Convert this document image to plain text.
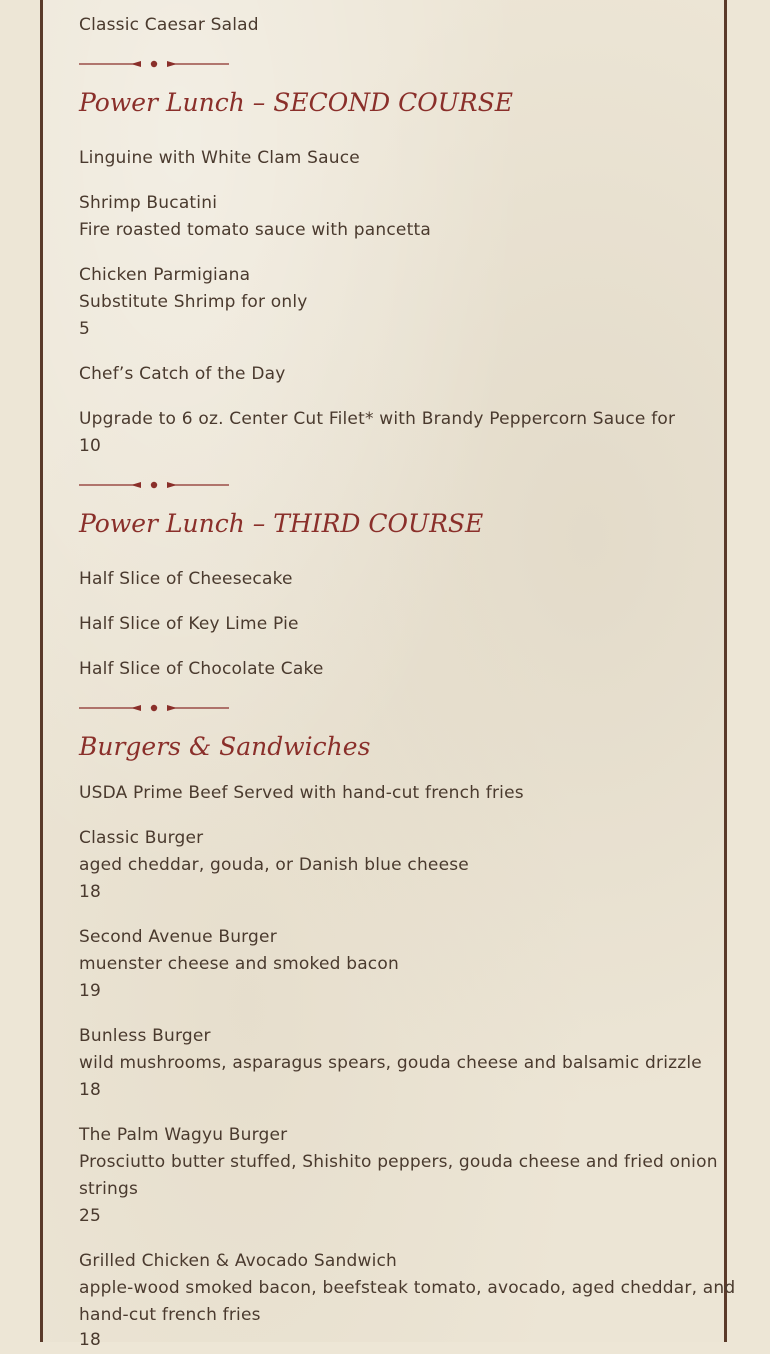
Classic Caesar Salad
Power Lunch – SECOND COURSE
Linguine with White Clam Sauce
Shrimp Bucatini
Fire roasted tomato sauce with pancetta
Chicken Parmigiana
Substitute Shrimp for only
5
Chef’s Catch of the Day
Upgrade to 6 oz. Center Cut Filet* with Brandy Peppercorn Sauce for
10
Power Lunch – THIRD COURSE
Half Slice of Cheesecake
Half Slice of Key Lime Pie
Half Slice of Chocolate Cake
Burgers & Sandwiches
USDA Prime Beef Served with hand-cut french fries
Classic Burger
aged cheddar, gouda, or Danish blue cheese
18
Second Avenue Burger
muenster cheese and smoked bacon
19
Bunless Burger
wild mushrooms, asparagus spears, gouda cheese and balsamic drizzle
18
The Palm Wagyu Burger
Prosciutto butter stuffed, Shishito peppers, gouda cheese and fried onion
strings
25
Grilled Chicken & Avocado Sandwich
apple-wood smoked bacon, beefsteak tomato, avocado, aged cheddar, and
hand-cut french fries
18
